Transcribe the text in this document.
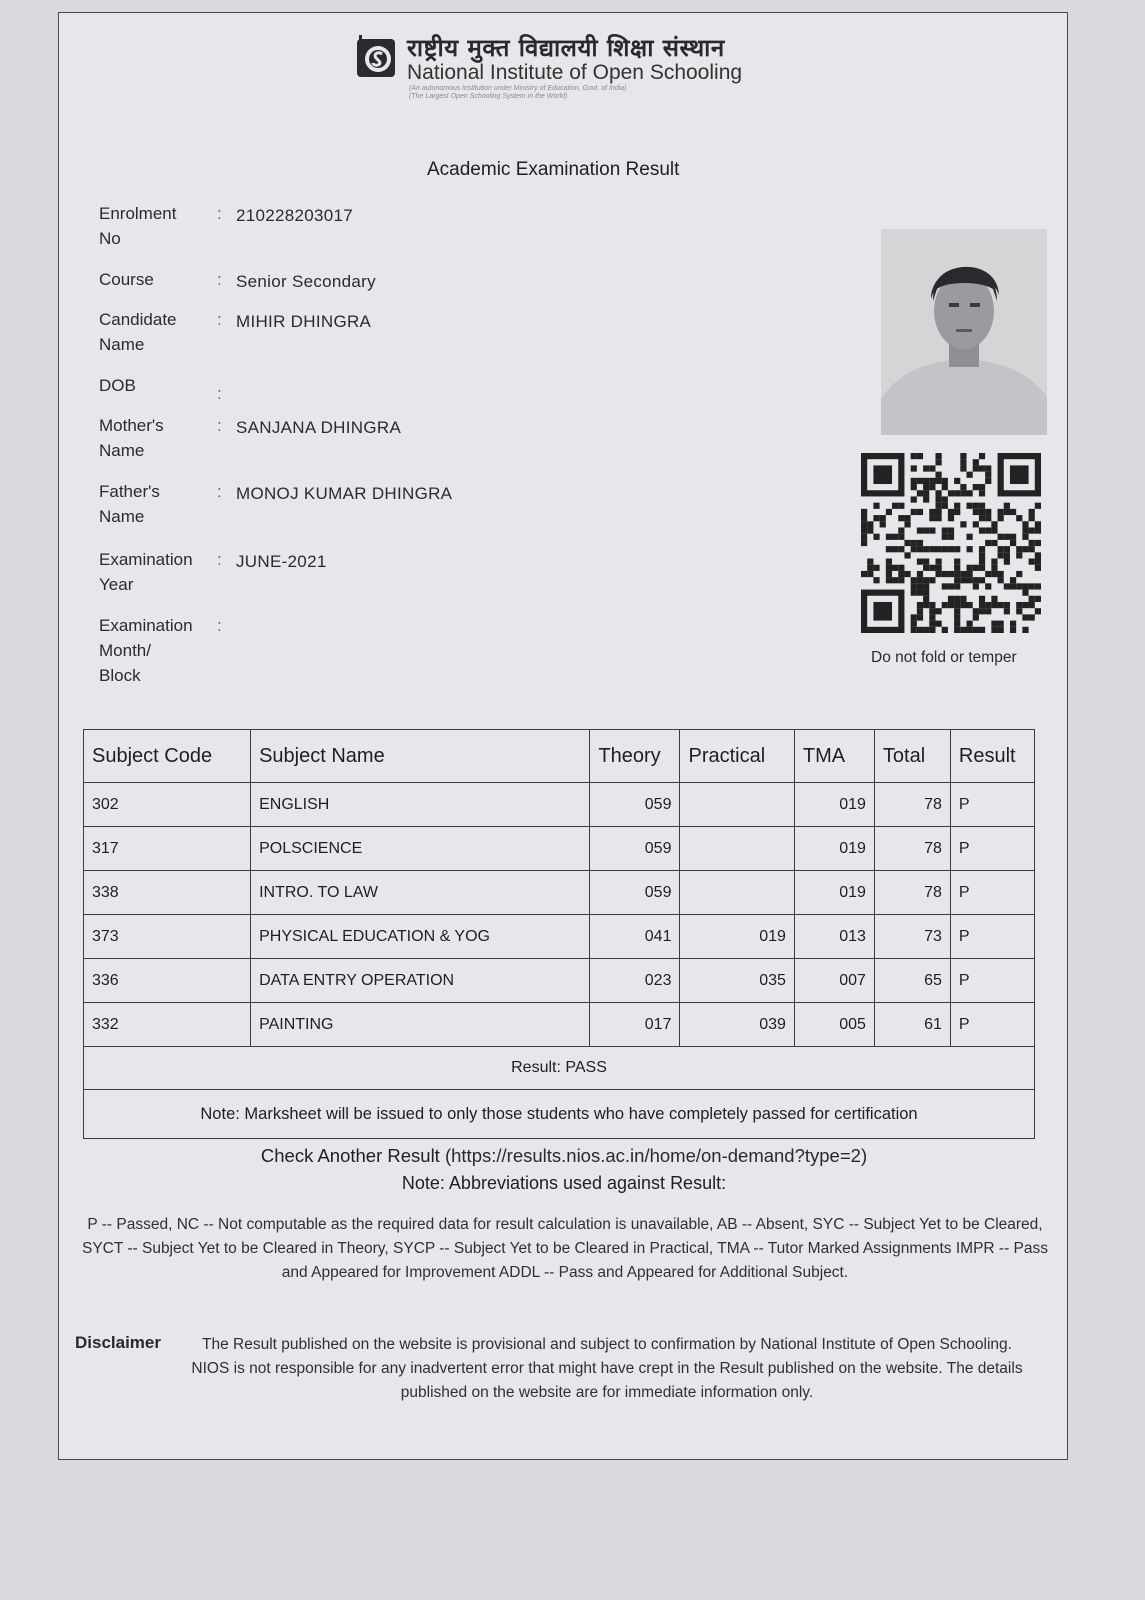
राष्ट्रीय मुक्त विद्यालयी शिक्षा संस्थान
National Institute of Open Schooling
(An autonomous institution under Ministry of Education, Govt. of India)
(The Largest Open Schooling System in the World)
Academic Examination Result
Enrolment
No
: 210228203017
Course	: Senior Secondary
Candidate
Name
: MIHIR DHINGRA
DOB	:
Mother's
Name
: SANJANA DHINGRA
Father's
Name
: MONOJ KUMAR DHINGRA
Examination
Year
: JUNE-2021
Examination
Month/
Block
:
Do not fold or temper
Subject Code	Subject Name	Theory	Practical	TMA	Total	Result
302	ENGLISH	059		019	78	P
317	POLSCIENCE	059		019	78	P
338	INTRO. TO LAW	059		019	78	P
373	PHYSICAL EDUCATION & YOG	041	019	013	73	P
336	DATA ENTRY OPERATION	023	035	007	65	P
332	PAINTING	017	039	005	61	P
Result: PASS						
Note: Marksheet will be issued to only those students who have completely passed for certification						
Check Another Result (https://results.nios.ac.in/home/on-demand?type=2)
Note: Abbreviations used against Result:
P -- Passed, NC -- Not computable as the required data for result calculation is unavailable, AB -- Absent, SYC -- Subject Yet to be Cleared, SYCT -- Subject Yet to be Cleared in Theory, SYCP -- Subject Yet to be Cleared in Practical, TMA -- Tutor Marked Assignments IMPR -- Pass and Appeared for Improvement ADDL -- Pass and Appeared for Additional Subject.
Disclaimer	The Result published on the website is provisional and subject to confirmation by National Institute of Open Schooling. NIOS is not responsible for any inadvertent error that might have crept in the Result published on the website. The details published on the website are for immediate information only.
